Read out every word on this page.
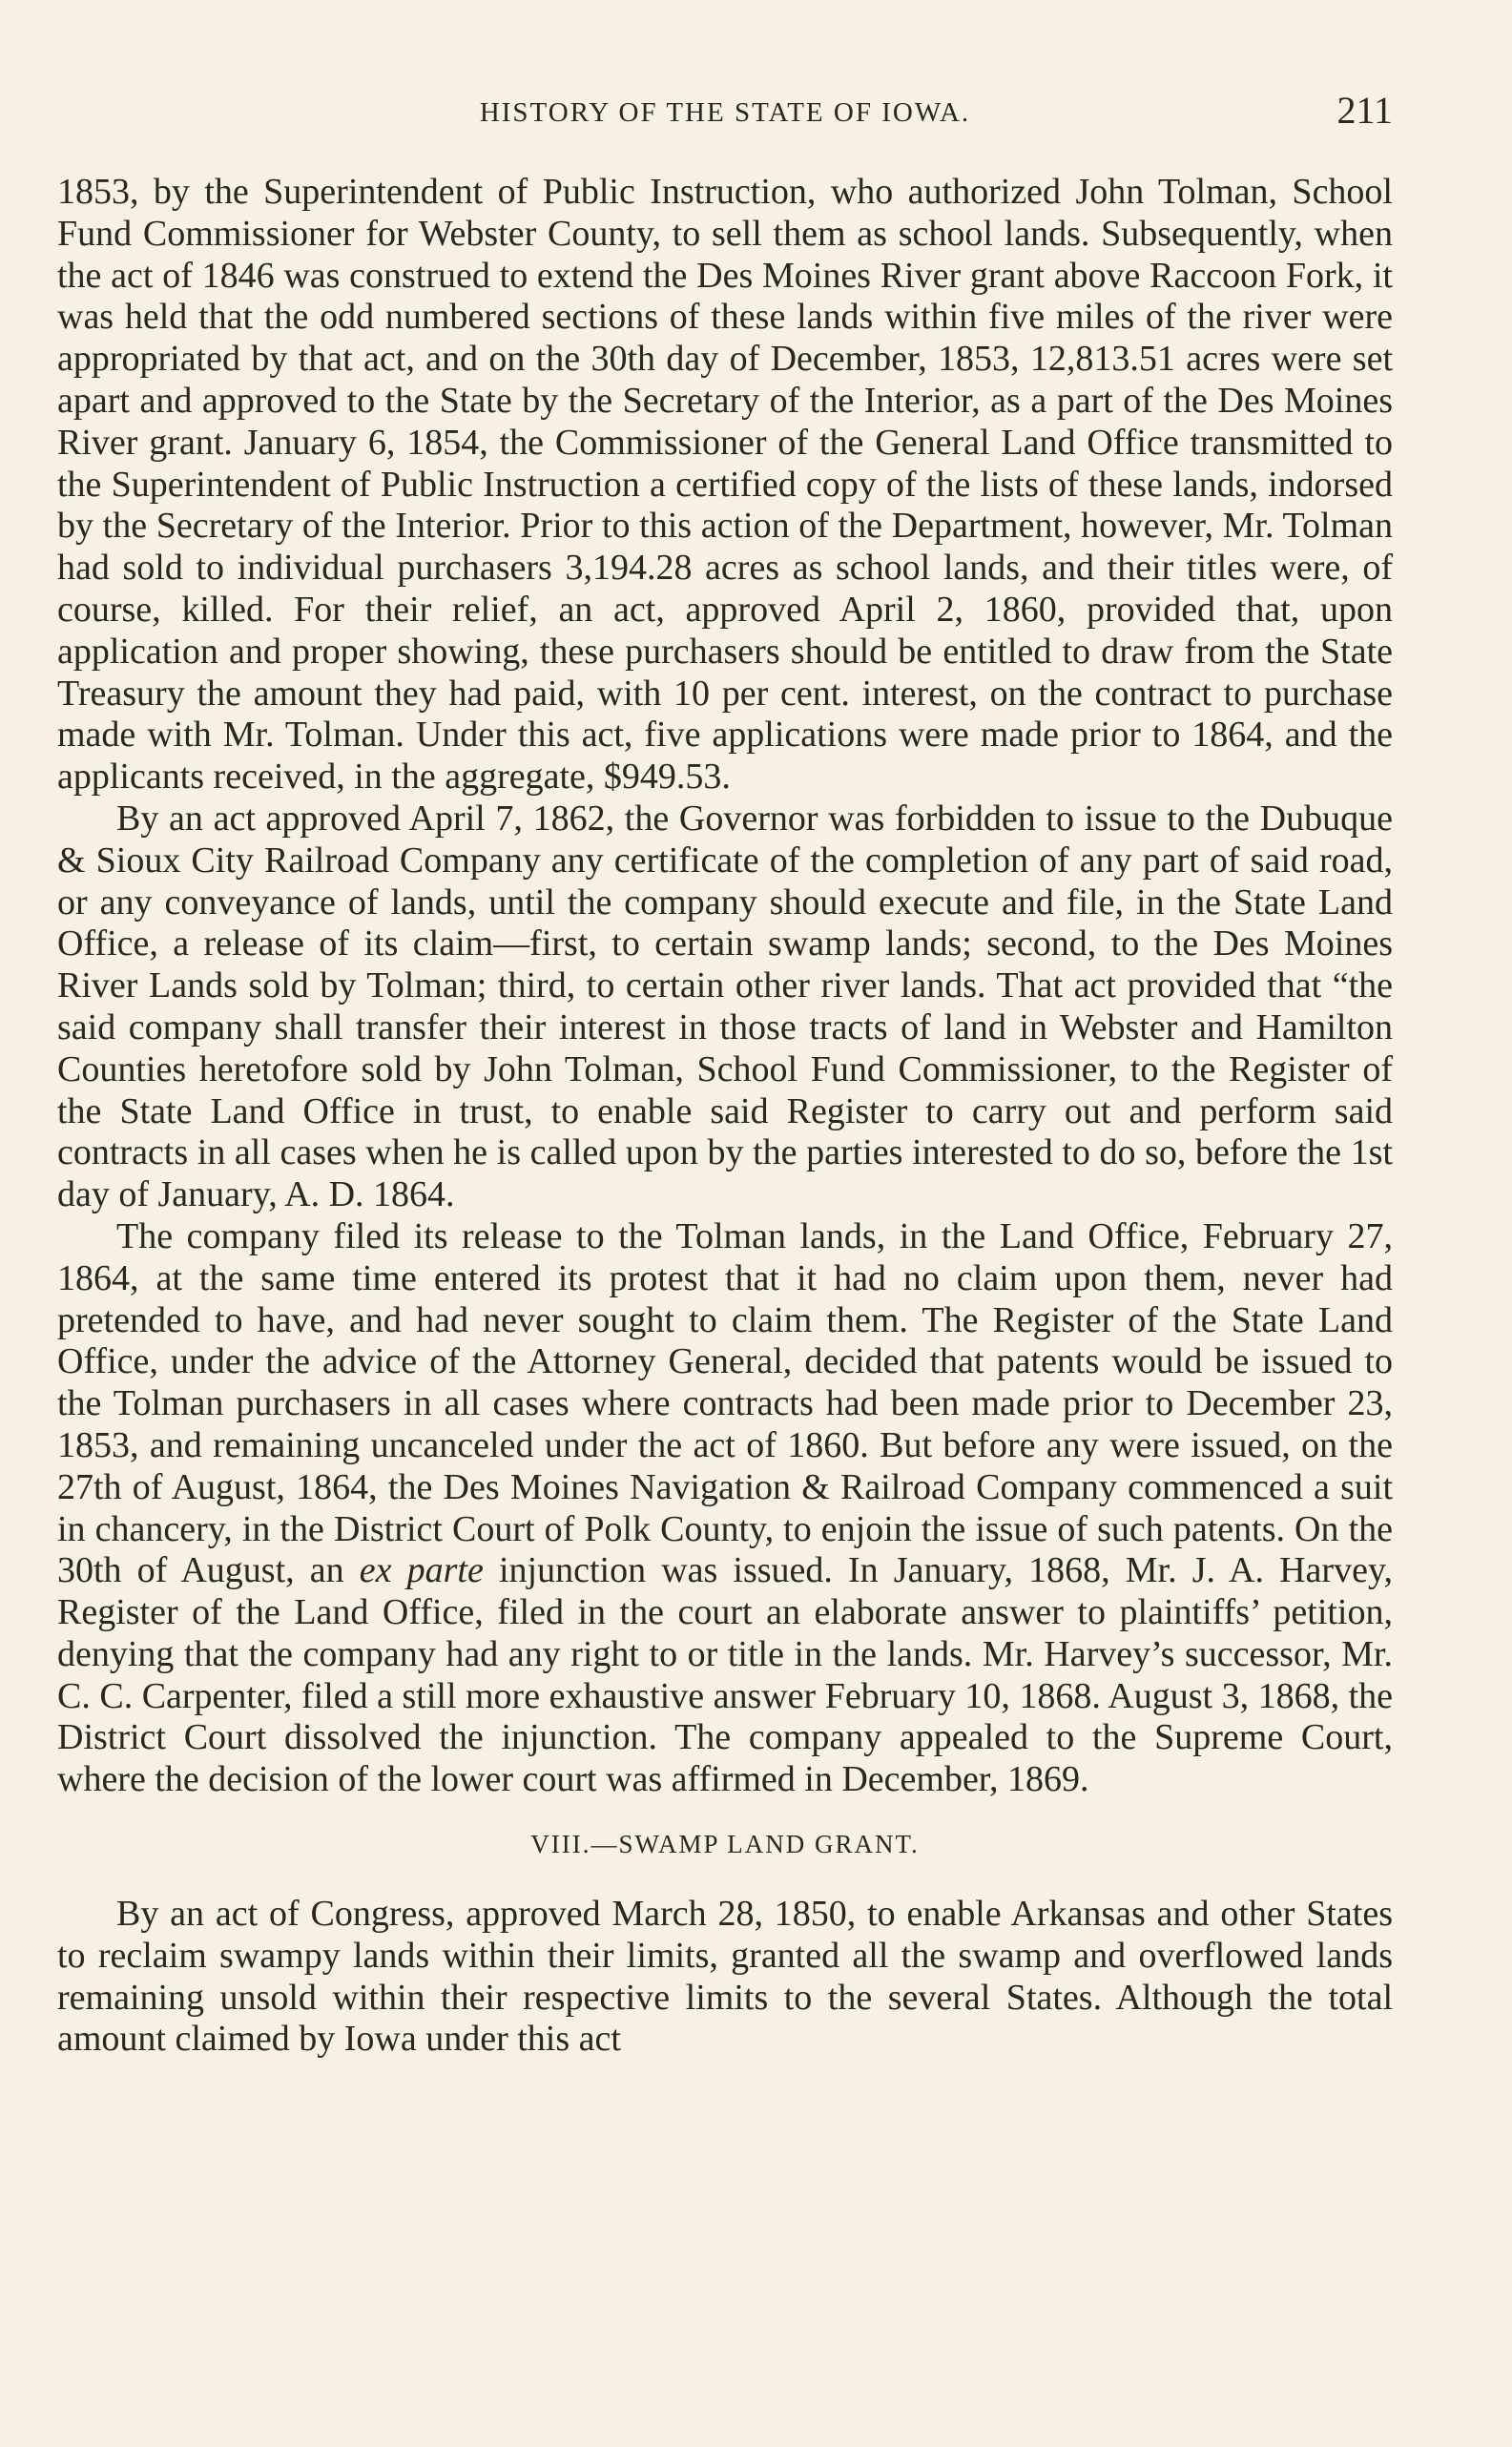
HISTORY OF THE STATE OF IOWA.	211

1853, by the Superintendent of Public Instruction, who authorized John Tolman, School Fund Commissioner for Webster County, to sell them as school lands. Subsequently, when the act of 1846 was construed to extend the Des Moines River grant above Raccoon Fork, it was held that the odd numbered sections of these lands within five miles of the river were appropriated by that act, and on the 30th day of December, 1853, 12,813.51 acres were set apart and approved to the State by the Secretary of the Interior, as a part of the Des Moines River grant. January 6, 1854, the Commissioner of the General Land Office transmitted to the Superintendent of Public Instruction a certified copy of the lists of these lands, indorsed by the Secretary of the Interior. Prior to this action of the Department, however, Mr. Tolman had sold to individual purchasers 3,194.28 acres as school lands, and their titles were, of course, killed. For their relief, an act, approved April 2, 1860, provided that, upon application and proper showing, these purchasers should be entitled to draw from the State Treasury the amount they had paid, with 10 per cent. interest, on the contract to purchase made with Mr. Tolman. Under this act, five applications were made prior to 1864, and the applicants received, in the aggregate, $949.53.

By an act approved April 7, 1862, the Governor was forbidden to issue to the Dubuque & Sioux City Railroad Company any certificate of the completion of any part of said road, or any conveyance of lands, until the company should execute and file, in the State Land Office, a release of its claim—first, to certain swamp lands; second, to the Des Moines River Lands sold by Tolman; third, to certain other river lands. That act provided that “the said company shall transfer their interest in those tracts of land in Webster and Hamilton Counties heretofore sold by John Tolman, School Fund Commissioner, to the Register of the State Land Office in trust, to enable said Register to carry out and perform said contracts in all cases when he is called upon by the parties interested to do so, before the 1st day of January, A. D. 1864.

The company filed its release to the Tolman lands, in the Land Office, February 27, 1864, at the same time entered its protest that it had no claim upon them, never had pretended to have, and had never sought to claim them. The Register of the State Land Office, under the advice of the Attorney General, decided that patents would be issued to the Tolman purchasers in all cases where contracts had been made prior to December 23, 1853, and remaining uncanceled under the act of 1860. But before any were issued, on the 27th of August, 1864, the Des Moines Navigation & Railroad Company commenced a suit in chancery, in the District Court of Polk County, to enjoin the issue of such patents. On the 30th of August, an ex parte injunction was issued. In January, 1868, Mr. J. A. Harvey, Register of the Land Office, filed in the court an elaborate answer to plaintiffs’ petition, denying that the company had any right to or title in the lands. Mr. Harvey’s successor, Mr. C. C. Carpenter, filed a still more exhaustive answer February 10, 1868. August 3, 1868, the District Court dissolved the injunction. The company appealed to the Supreme Court, where the decision of the lower court was affirmed in December, 1869.

VIII.—SWAMP LAND GRANT.

By an act of Congress, approved March 28, 1850, to enable Arkansas and other States to reclaim swampy lands within their limits, granted all the swamp and overflowed lands remaining unsold within their respective limits to the several States. Although the total amount claimed by Iowa under this act
